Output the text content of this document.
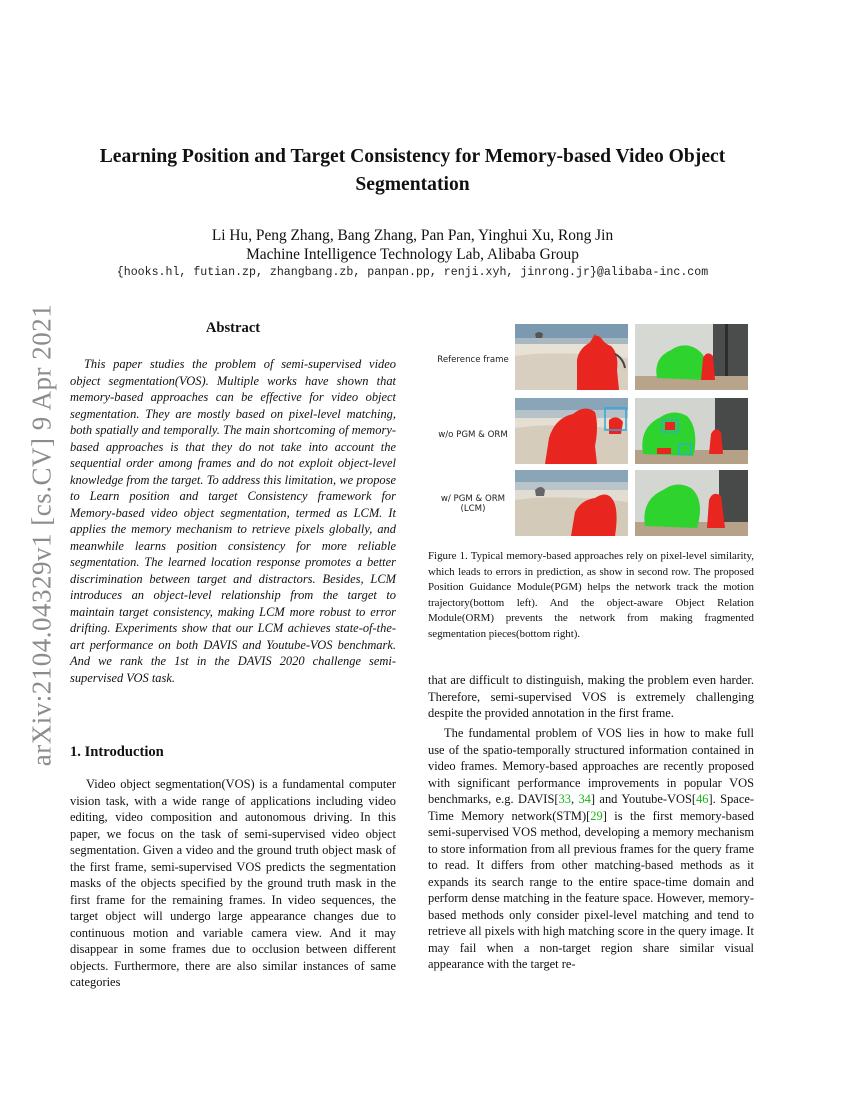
arXiv:2104.04329v1 [cs.CV] 9 Apr 2021
Learning Position and Target Consistency for Memory-based Video Object Segmentation
Li Hu, Peng Zhang, Bang Zhang, Pan Pan, Yinghui Xu, Rong Jin
Machine Intelligence Technology Lab, Alibaba Group
{hooks.hl, futian.zp, zhangbang.zb, panpan.pp, renji.xyh, jinrong.jr}@alibaba-inc.com
Abstract
This paper studies the problem of semi-supervised video object segmentation(VOS). Multiple works have shown that memory-based approaches can be effective for video object segmentation. They are mostly based on pixel-level matching, both spatially and temporally. The main shortcoming of memory-based approaches is that they do not take into account the sequential order among frames and do not exploit object-level knowledge from the target. To address this limitation, we propose to Learn position and target Consistency framework for Memory-based video object segmentation, termed as LCM. It applies the memory mechanism to retrieve pixels globally, and meanwhile learns position consistency for more reliable segmentation. The learned location response promotes a better discrimination between target and distractors. Besides, LCM introduces an object-level relationship from the target to maintain target consistency, making LCM more robust to error drifting. Experiments show that our LCM achieves state-of-the-art performance on both DAVIS and Youtube-VOS benchmark. And we rank the 1st in the DAVIS 2020 challenge semi-supervised VOS task.
1. Introduction
Video object segmentation(VOS) is a fundamental computer vision task, with a wide range of applications including video editing, video composition and autonomous driving. In this paper, we focus on the task of semi-supervised video object segmentation. Given a video and the ground truth object mask of the first frame, semi-supervised VOS predicts the segmentation masks of the objects specified by the ground truth mask in the first frame for the remaining frames. In video sequences, the target object will undergo large appearance changes due to continuous motion and variable camera view. And it may disappear in some frames due to occlusion between different objects. Furthermore, there are also similar instances of same categories
Reference frame
w/o PGM & ORM
w/ PGM & ORM
(LCM)
Figure 1. Typical memory-based approaches rely on pixel-level similarity, which leads to errors in prediction, as show in second row. The proposed Position Guidance Module(PGM) helps the network track the motion trajectory(bottom left). And the object-aware Object Relation Module(ORM) prevents the network from making fragmented segmentation pieces(bottom right).
that are difficult to distinguish, making the problem even harder. Therefore, semi-supervised VOS is extremely challenging despite the provided annotation in the first frame.

The fundamental problem of VOS lies in how to make full use of the spatio-temporally structured information contained in video frames. Memory-based approaches are recently proposed with significant performance improvements in popular VOS benchmarks, e.g. DAVIS[33, 34] and Youtube-VOS[46]. Space-Time Memory network(STM)[29] is the first memory-based semi-supervised VOS method, developing a memory mechanism to store information from all previous frames for the query frame to read. It differs from other matching-based methods as it expands its search range to the entire space-time domain and perform dense matching in the feature space. However, memory-based methods only consider pixel-level matching and tend to retrieve all pixels with high matching score in the query image. It may fail when a non-target region share similar visual appearance with the target re-
